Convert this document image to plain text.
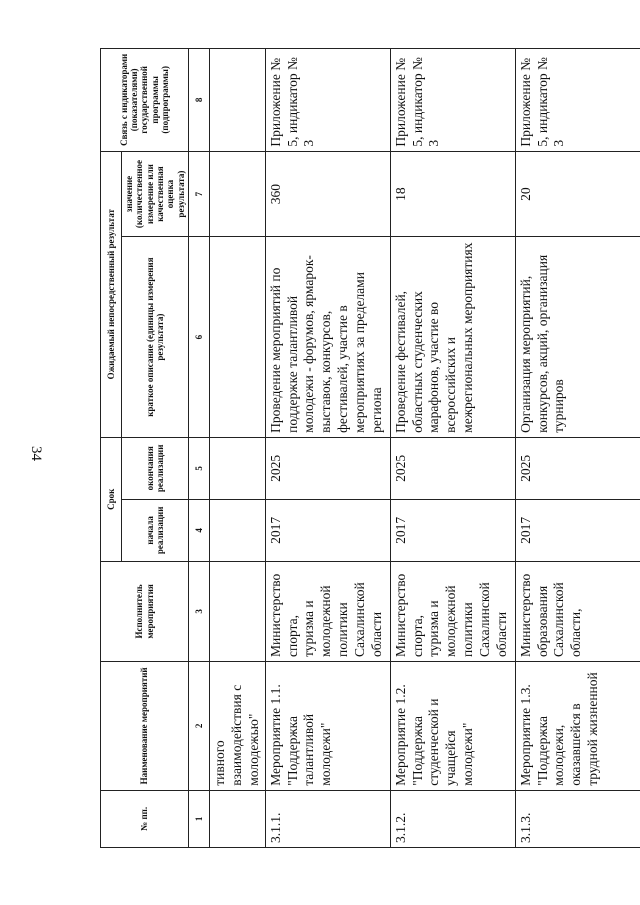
34
№ пп.	Наименование мероприятий	Исполнитель мероприятия	Срок		Ожидаемый непосредственный результат		Связь с индикаторами (показателями) государственной программы (подпрограммы)
			начала реализации	окончания реализации	краткое описание (единицы измерения результата)	значение (количественное измерение или качественная оценка результата)	
1	2	3	4	5	6	7	8
	тивного взаимодействия с молодежью"						
3.1.1.	Мероприятие 1.1. "Поддержка талантливой молодежи"	Министерство спорта, туризма и молодежной политики Сахалинской области	2017	2025	Проведение мероприятий по поддержке талантливой молодежи - форумов, ярмарок-выставок, конкурсов, фестивалей, участие в мероприятиях за пределами региона	360	Приложение № 5, индикатор № 3
3.1.2.	Мероприятие 1.2. "Поддержка студенческой и учащейся молодежи"	Министерство спорта, туризма и молодежной политики Сахалинской области	2017	2025	Проведение фестивалей, областных студенческих марафонов, участие во всероссийских и межрегиональных мероприятиях	18	Приложение № 5, индикатор № 3
3.1.3.	Мероприятие 1.3. "Поддержка молодежи, оказавшейся в трудной жизненной	Министерство образования Сахалинской области,	2017	2025	Организация мероприятий, конкурсов, акций, организация турниров	20	Приложение № 5, индикатор № 3
